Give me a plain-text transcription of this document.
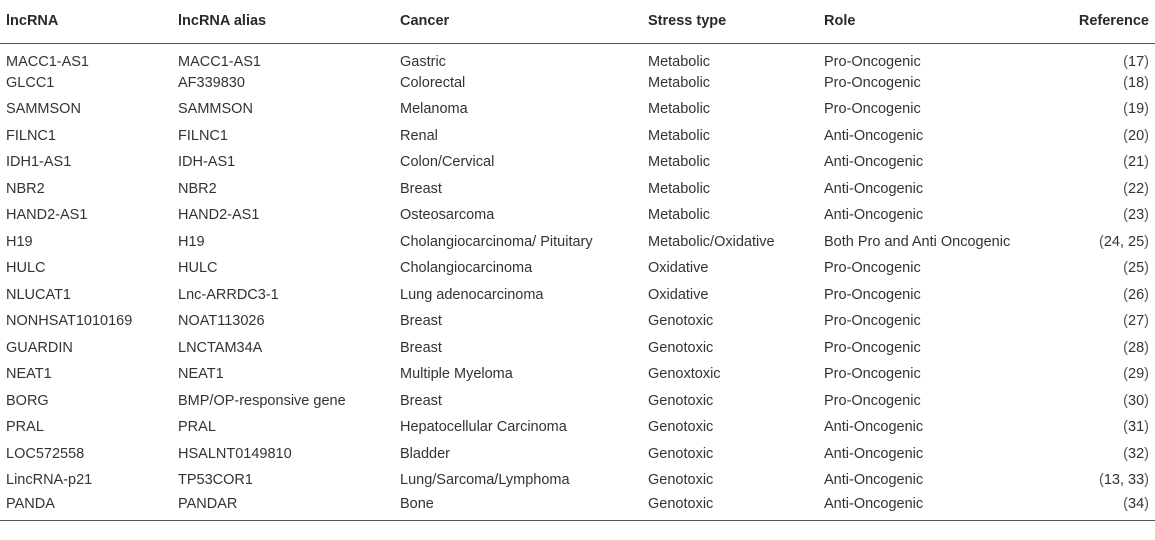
lncRNA	lncRNA alias	Cancer	Stress type	Role	Reference
MACC1-AS1	MACC1-AS1	Gastric	Metabolic	Pro-Oncogenic	(17)
GLCC1	AF339830	Colorectal	Metabolic	Pro-Oncogenic	(18)
SAMMSON	SAMMSON	Melanoma	Metabolic	Pro-Oncogenic	(19)
FILNC1	FILNC1	Renal	Metabolic	Anti-Oncogenic	(20)
IDH1-AS1	IDH-AS1	Colon/Cervical	Metabolic	Anti-Oncogenic	(21)
NBR2	NBR2	Breast	Metabolic	Anti-Oncogenic	(22)
HAND2-AS1	HAND2-AS1	Osteosarcoma	Metabolic	Anti-Oncogenic	(23)
H19	H19	Cholangiocarcinoma/ Pituitary	Metabolic/Oxidative	Both Pro and Anti Oncogenic	(24, 25)
HULC	HULC	Cholangiocarcinoma	Oxidative	Pro-Oncogenic	(25)
NLUCAT1	Lnc-ARRDC3-1	Lung adenocarcinoma	Oxidative	Pro-Oncogenic	(26)
NONHSAT1010169	NOAT113026	Breast	Genotoxic	Pro-Oncogenic	(27)
GUARDIN	LNCTAM34A	Breast	Genotoxic	Pro-Oncogenic	(28)
NEAT1	NEAT1	Multiple Myeloma	Genoxtoxic	Pro-Oncogenic	(29)
BORG	BMP/OP-responsive gene	Breast	Genotoxic	Pro-Oncogenic	(30)
PRAL	PRAL	Hepatocellular Carcinoma	Genotoxic	Anti-Oncogenic	(31)
LOC572558	HSALNT0149810	Bladder	Genotoxic	Anti-Oncogenic	(32)
LincRNA-p21	TP53COR1	Lung/Sarcoma/Lymphoma	Genotoxic	Anti-Oncogenic	(13, 33)
PANDA	PANDAR	Bone	Genotoxic	Anti-Oncogenic	(34)
